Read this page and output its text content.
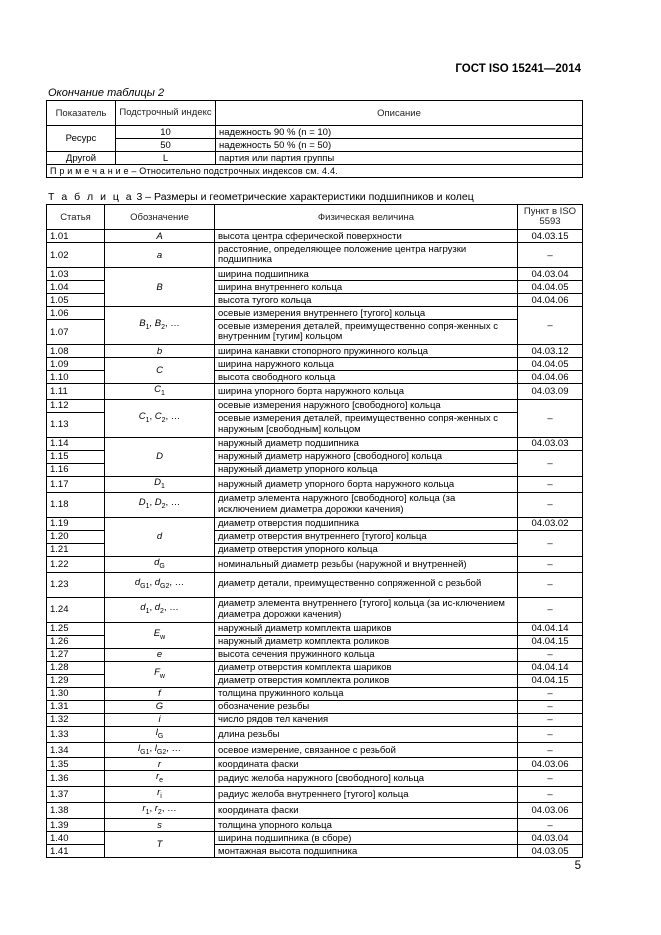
ГОСТ ISO 15241—2014
Окончание таблицы 2
Показатель	Подстрочный индекс	Описание
Ресурс	10	надежность 90 % (n = 10)
	50	надежность 50 % (n = 50)
Другой	L	партия или партия группы
П р и м е ч а н и е – Относительно подстрочных индексов см. 4.4.		
Т а б л и ц а 3 – Размеры и геометрические характеристики подшипников и колец
Статья	Обозначение	Физическая величина	Пункт в ISO 5593
1.01	A	высота центра сферической поверхности	04.03.15
1.02	a	расстояние, определяющее положение центра нагрузки подшипника	–
1.03	B	ширина подшипника	04.03.04
1.04		ширина внутреннего кольца	04.04.05
1.05		высота тугого кольца	04.04.06
1.06	$B_1$, $B_2$, …	осевые измерения внутреннего [тугого] кольца	–
1.07		осевые измерения деталей, преимущественно сопря-женных с внутренним [тугим] кольцом	
1.08	b	ширина канавки стопорного пружинного кольца	04.03.12
1.09	C	ширина наружного кольца	04.04.05
1.10		высота свободного кольца	04.04.06
1.11	$C_1$	ширина упорного борта наружного кольца	04.03.09
1.12	$C_1$, $C_2$, …	осевые измерения наружного [свободного] кольца	–
1.13		осевые измерения деталей, преимущественно сопря-женных с наружным [свободным] кольцом	
1.14	D	наружный диаметр подшипника	04.03.03
1.15		наружный диаметр наружного [свободного] кольца	–
1.16		наружный диаметр упорного кольца	
1.17	$D_1$	наружный диаметр упорного борта наружного кольца	–
1.18	$D_1$, $D_2$, …	диаметр элемента наружного [свободного] кольца (за исключением диаметра дорожки качения)	–
1.19	d	диаметр отверстия подшипника	04.03.02
1.20		диаметр отверстия внутреннего [тугого] кольца	–
1.21		диаметр отверстия упорного кольца	
1.22	$d_G$	номинальный диаметр резьбы (наружной и внутренней)	–
1.23	$d_{G1}$, $d_{G2}$, …	диаметр детали, преимущественно сопряженной с резьбой	–
1.24	$d_1$, $d_2$, …	диаметр элемента внутреннего [тугого] кольца (за ис-ключением диаметра дорожки качения)	–
1.25	$E_w$	наружный диаметр комплекта шариков	04.04.14
1.26		наружный диаметр комплекта роликов	04.04.15
1.27	e	высота сечения пружинного кольца	–
1.28	$F_w$	диаметр отверстия комплекта шариков	04.04.14
1.29		диаметр отверстия комплекта роликов	04.04.15
1.30	f	толщина пружинного кольца	–
1.31	G	обозначение резьбы	–
1.32	i	число рядов тел качения	–
1.33	$l_G$	длина резьбы	–
1.34	$l_{G1}$, $l_{G2}$, …	осевое измерение, связанное с резьбой	–
1.35	r	координата фаски	04.03.06
1.36	$r_e$	радиус желоба наружного [свободного] кольца	–
1.37	$r_i$	радиус желоба внутреннего [тугого] кольца	–
1.38	$r_1$, $r_2$, …	координата фаски	04.03.06
1.39	s	толщина упорного кольца	–
1.40	T	ширина подшипника (в сборе)	04.03.04
1.41		монтажная высота подшипника	04.03.05
5
